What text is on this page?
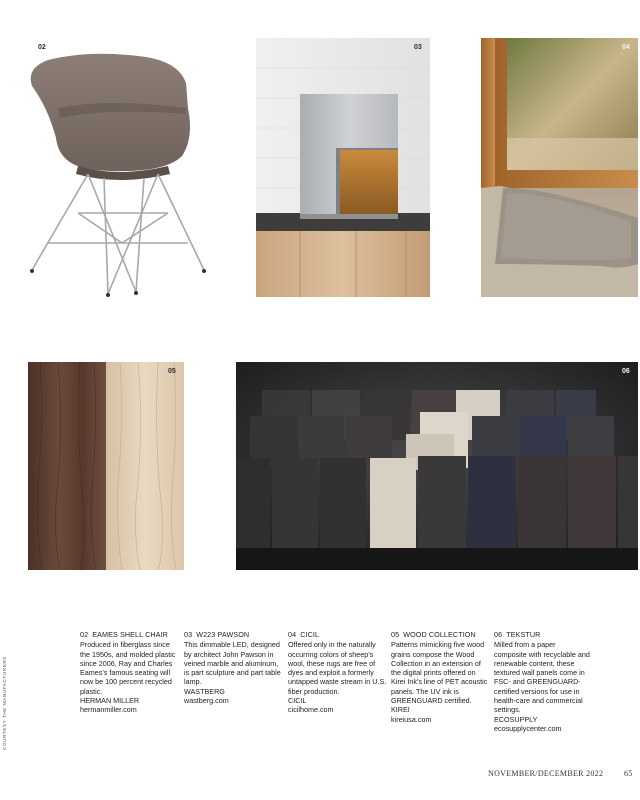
02	03	04
05	06
02 EAMES SHELL CHAIR
Produced in fiberglass since the 1950s, and molded plastic since 2006, Ray and Charles Eames's famous seating will now be 100 percent recycled plastic.
HERMAN MILLER
hermanmiller.com
03 W223 PAWSON
This dimmable LED, designed by architect John Pawson in veined marble and aluminum, is part sculpture and part table lamp.
WASTBERG
wastberg.com
04 CICIL
Offered only in the naturally occurring colors of sheep's wool, these rugs are free of dyes and exploit a formerly untapped waste stream in U.S. fiber production.
CICIL
cicilhome.com
05 WOOD COLLECTION
Patterns mimicking five wood grains compose the Wood Collection in an extension of the digital prints offered on Kirei Ink's line of PET acoustic panels. The UV ink is GREENGUARD certified.
KIREI
kireiusa.com
06 TEKSTUR
Milled from a paper composite with recyclable and renewable content, these textured wall panels come in FSC- and GREENGUARD-certified versions for use in health-care and commercial settings.
ECOSUPPLY
ecosupplycenter.com
COURTESY THE MANUFACTURERS
NOVEMBER/DECEMBER 2022	65
